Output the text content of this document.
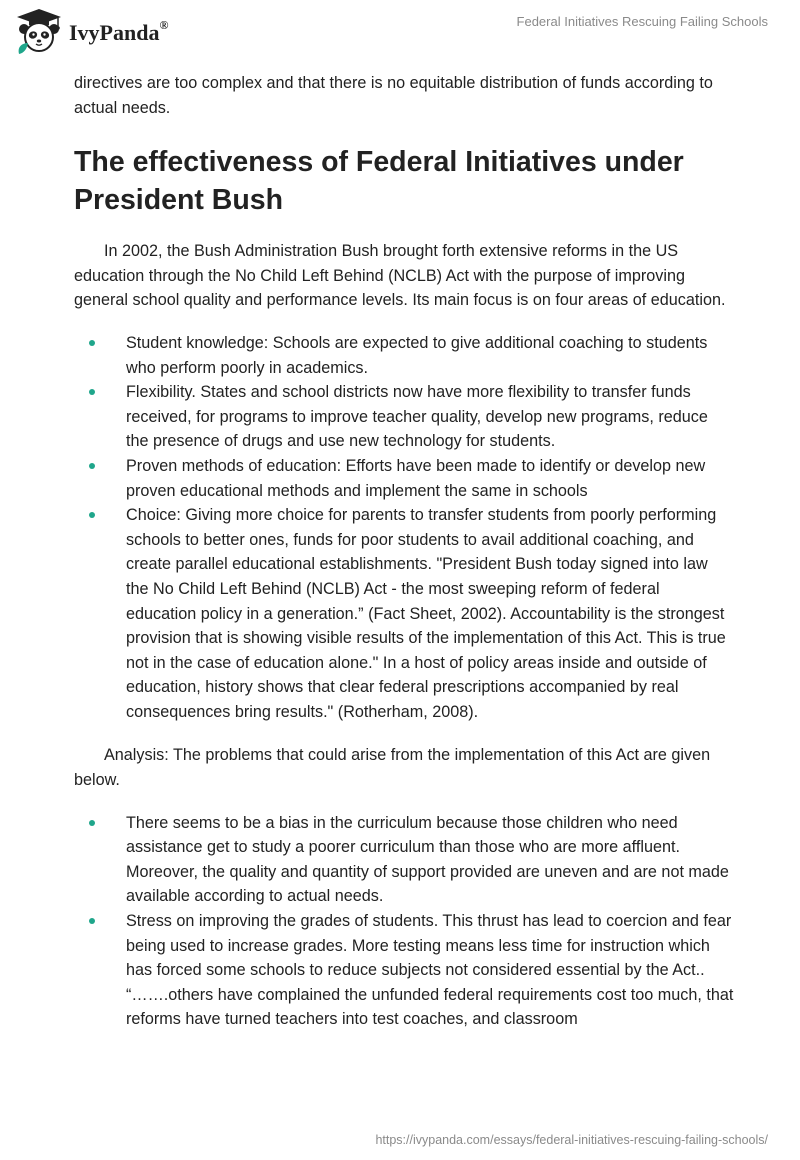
IvyPanda®	Federal Initiatives Rescuing Failing Schools

directives are too complex and that there is no equitable distribution of funds according to actual needs.

The effectiveness of Federal Initiatives under President Bush

In 2002, the Bush Administration Bush brought forth extensive reforms in the US education through the No Child Left Behind (NCLB) Act with the purpose of improving general school quality and performance levels. Its main focus is on four areas of education.

Student knowledge: Schools are expected to give additional coaching to students who perform poorly in academics.
Flexibility. States and school districts now have more flexibility to transfer funds received, for programs to improve teacher quality, develop new programs, reduce the presence of drugs and use new technology for students.
Proven methods of education: Efforts have been made to identify or develop new proven educational methods and implement the same in schools
Choice: Giving more choice for parents to transfer students from poorly performing schools to better ones, funds for poor students to avail additional coaching, and create parallel educational establishments. "President Bush today signed into law the No Child Left Behind (NCLB) Act - the most sweeping reform of federal education policy in a generation.” (Fact Sheet, 2002). Accountability is the strongest provision that is showing visible results of the implementation of this Act. This is true not in the case of education alone." In a host of policy areas inside and outside of education, history shows that clear federal prescriptions accompanied by real consequences bring results." (Rotherham, 2008).

Analysis: The problems that could arise from the implementation of this Act are given below.

There seems to be a bias in the curriculum because those children who need assistance get to study a poorer curriculum than those who are more affluent. Moreover, the quality and quantity of support provided are uneven and are not made available according to actual needs.
Stress on improving the grades of students. This thrust has lead to coercion and fear being used to increase grades. More testing means less time for instruction which has forced some schools to reduce subjects not considered essential by the Act.. “…….others have complained the unfunded federal requirements cost too much, that reforms have turned teachers into test coaches, and classroom
https://ivypanda.com/essays/federal-initiatives-rescuing-failing-schools/
